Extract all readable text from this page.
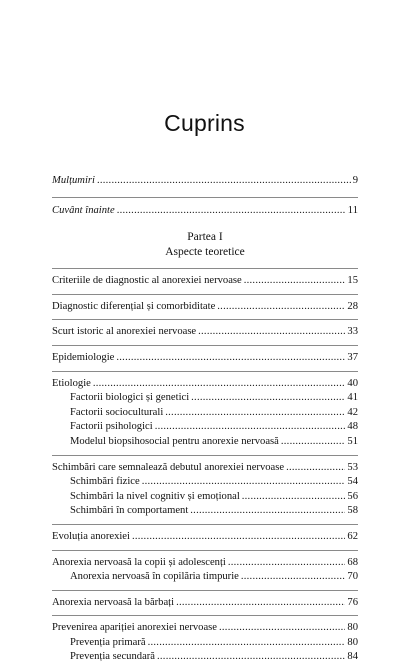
Cuprins
Mulțumiri . . .	9
Cuvânt înainte . . .	11
Partea I
Aspecte teoretice
Criteriile de diagnostic al anorexiei nervoase . . .	15
Diagnostic diferențial și comorbiditate . . .	28
Scurt istoric al anorexiei nervoase . . .	33
Epidemiologie . . .	37
Etiologie . . .	40
Factorii biologici și genetici . . .	41
Factorii socioculturali . . .	42
Factorii psihologici . . .	48
Modelul biopsihosocial pentru anorexie nervoasă . . .	51
Schimbări care semnalează debutul anorexiei nervoase . . .	53
Schimbări fizice . . .	54
Schimbări la nivel cognitiv și emoțional . . .	56
Schimbări în comportament . . .	58
Evoluția anorexiei . . .	62
Anorexia nervoasă la copii și adolescenți . . .	68
Anorexia nervoasă în copilăria timpurie . . .	70
Anorexia nervoasă la bărbați . . .	76
Prevenirea apariției anorexiei nervoase . . .	80
Prevenția primară . . .	80
Prevenția secundară . . .	84
